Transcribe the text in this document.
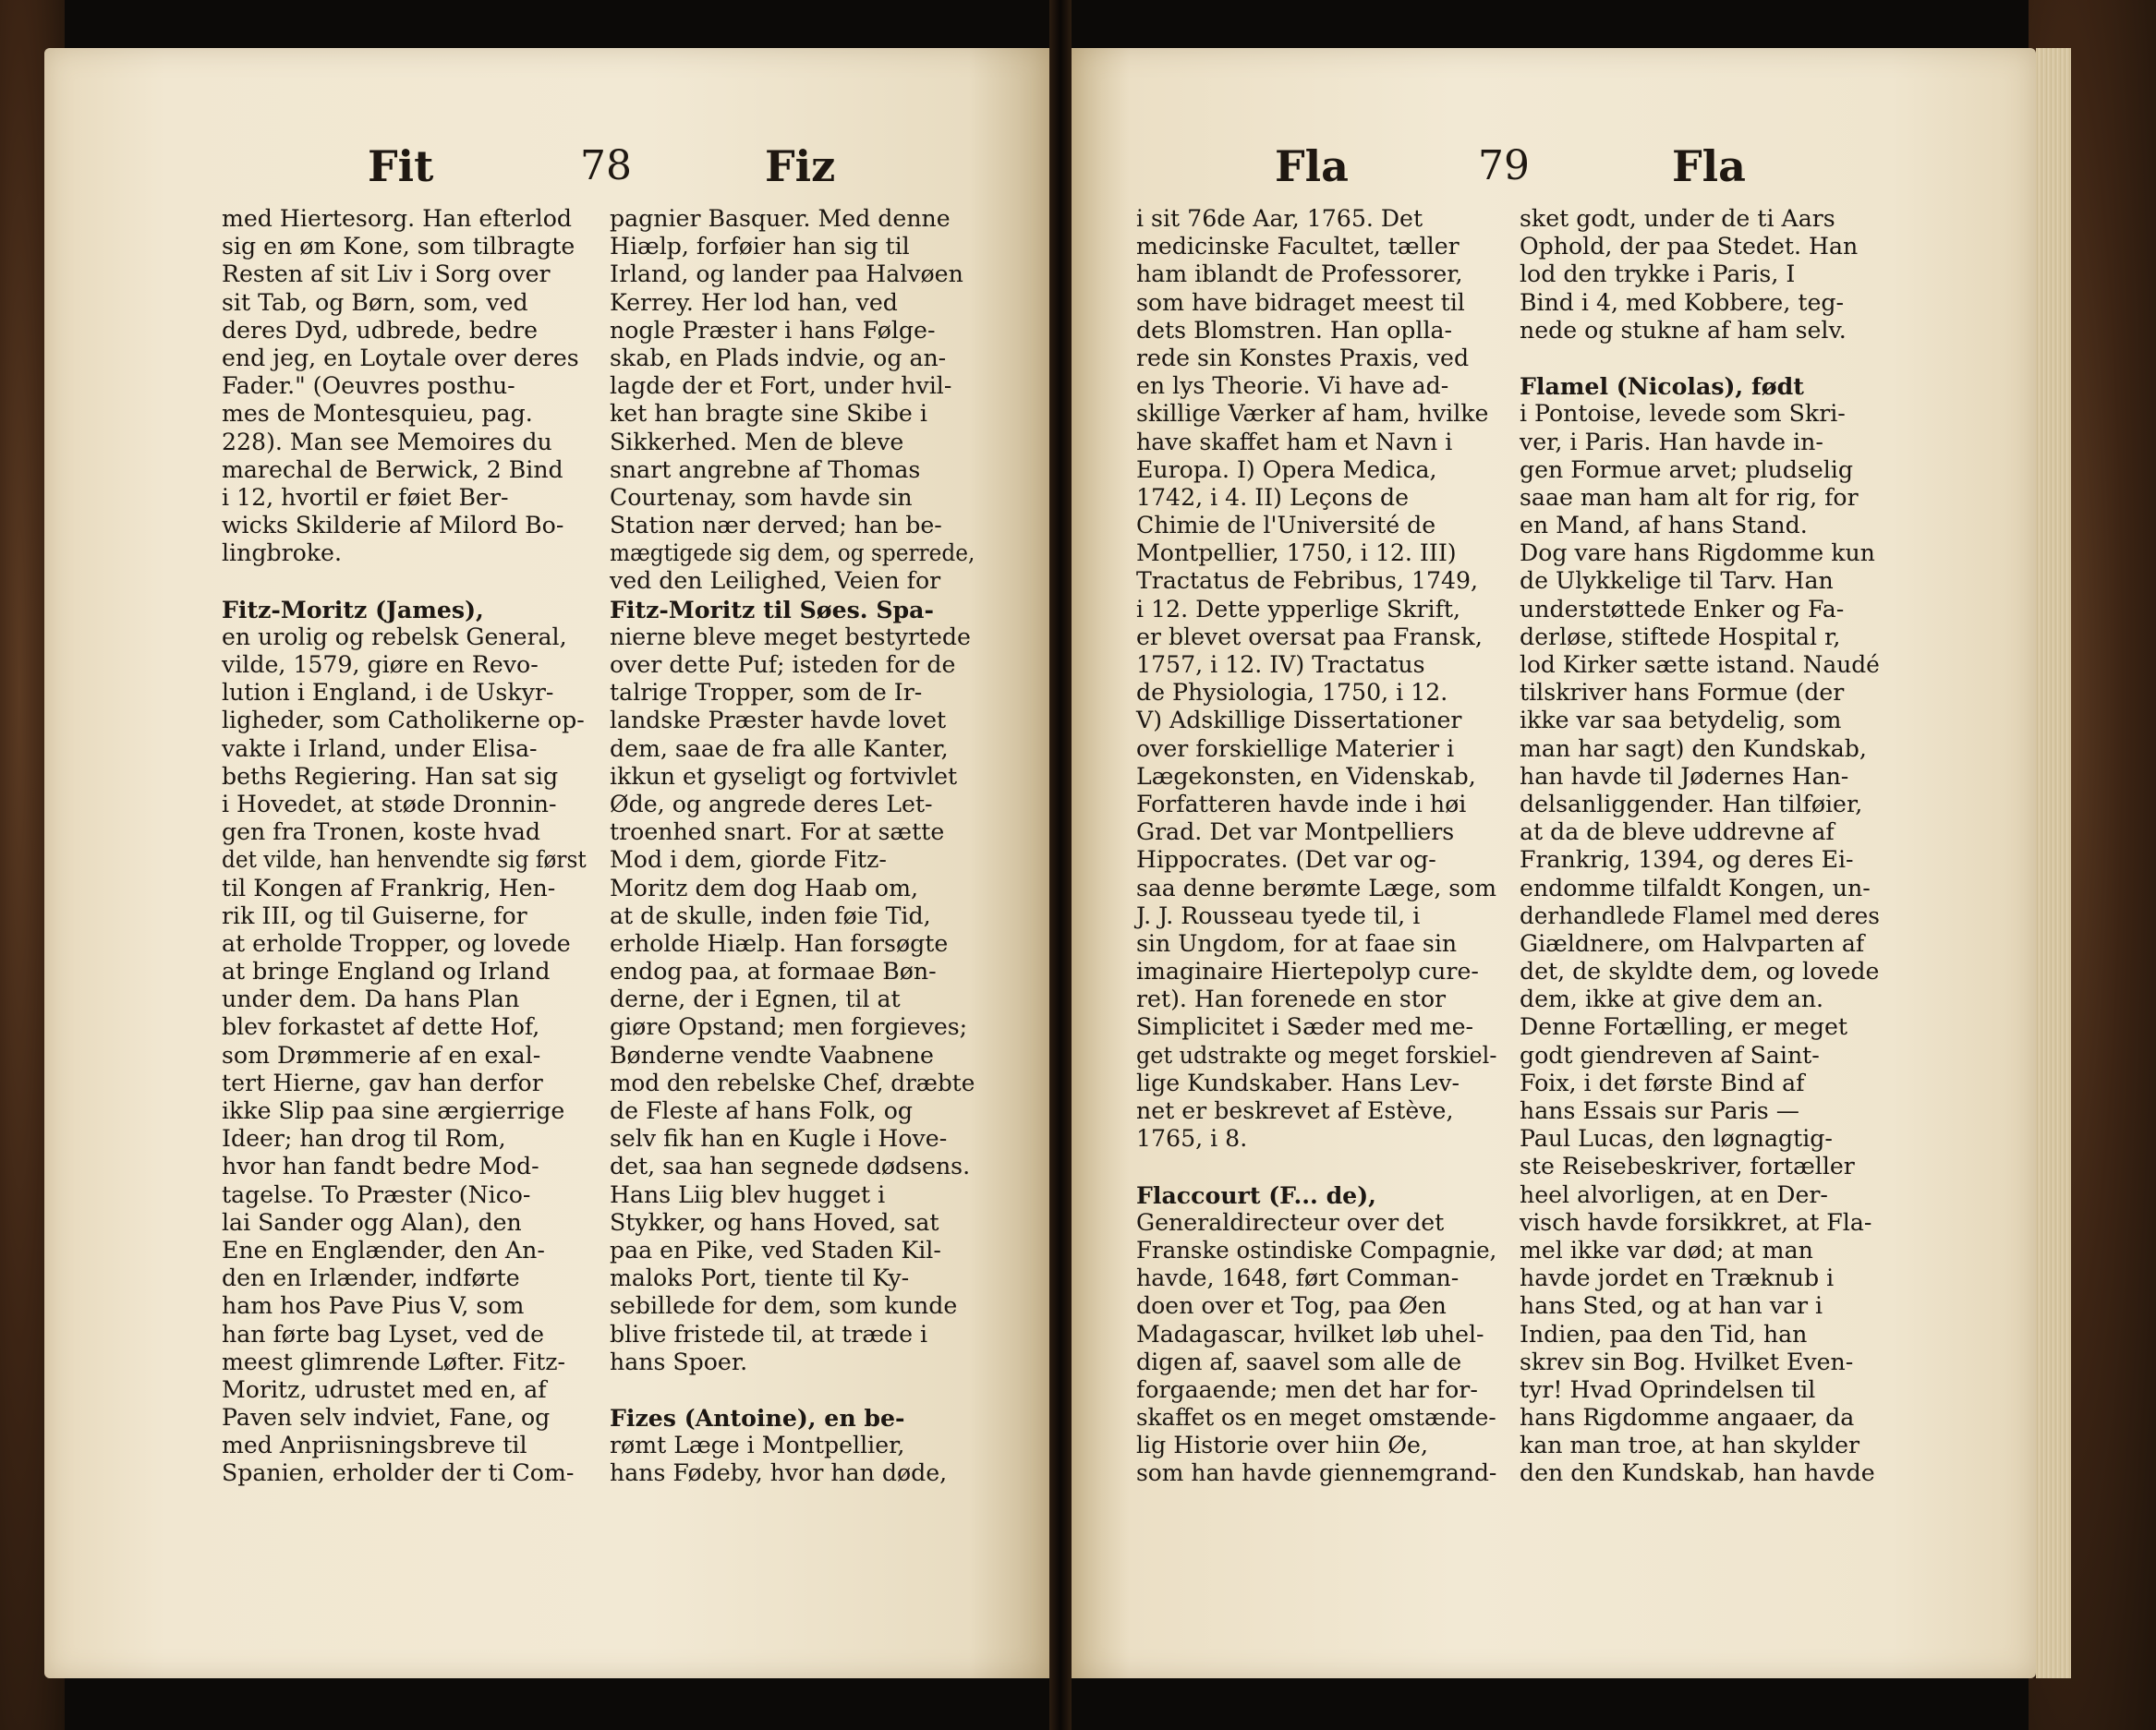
Fit	78	Fiz	Fla	79	Fla
med Hiertesorg. Han efterlod
sig en øm Kone, som tilbragte
Resten af sit Liv i Sorg over
sit Tab, og Børn, som, ved
deres Dyd, udbrede, bedre
end jeg, en Loytale over deres
Fader." (Oeuvres posthu-
mes de Montesquieu, pag.
228). Man see Memoires du
marechal de Berwick, 2 Bind
i 12, hvortil er føiet Ber-
wicks Skilderie af Milord Bo-
lingbroke.
Fitz-Moritz (James),
en urolig og rebelsk General,
vilde, 1579, giøre en Revo-
lution i England, i de Uskyr-
ligheder, som Catholikerne op-
vakte i Irland, under Elisa-
beths Regiering. Han sat sig
i Hovedet, at støde Dronnin-
gen fra Tronen, koste hvad
det vilde, han henvendte sig først
til Kongen af Frankrig, Hen-
rik III, og til Guiserne, for
at erholde Tropper, og lovede
at bringe England og Irland
under dem. Da hans Plan
blev forkastet af dette Hof,
som Drømmerie af en exal-
tert Hierne, gav han derfor
ikke Slip paa sine ærgierrige
Ideer; han drog til Rom,
hvor han fandt bedre Mod-
tagelse. To Præster (Nico-
lai Sander ogg Alan), den
Ene en Englænder, den An-
den en Irlænder, indførte
ham hos Pave Pius V, som
han førte bag Lyset, ved de
meest glimrende Løfter. Fitz-
Moritz, udrustet med en, af
Paven selv indviet, Fane, og
med Anpriisningsbreve til
Spanien, erholder der ti Com-
pagnier Basquer. Med denne
Hiælp, forføier han sig til
Irland, og lander paa Halvøen
Kerrey. Her lod han, ved
nogle Præster i hans Følge-
skab, en Plads indvie, og an-
lagde der et Fort, under hvil-
ket han bragte sine Skibe i
Sikkerhed. Men de bleve
snart angrebne af Thomas
Courtenay, som havde sin
Station nær derved; han be-
mægtigede sig dem, og sperrede,
ved den Leilighed, Veien for
Fitz-Moritz til Søes. Spa-
nierne bleve meget bestyrtede
over dette Puf; isteden for de
talrige Tropper, som de Ir-
landske Præster havde lovet
dem, saae de fra alle Kanter,
ikkun et gyseligt og fortvivlet
Øde, og angrede deres Let-
troenhed snart. For at sætte
Mod i dem, giorde Fitz-
Moritz dem dog Haab om,
at de skulle, inden føie Tid,
erholde Hiælp. Han forsøgte
endog paa, at formaae Bøn-
derne, der i Egnen, til at
giøre Opstand; men forgieves;
Bønderne vendte Vaabnene
mod den rebelske Chef, dræbte
de Fleste af hans Folk, og
selv fik han en Kugle i Hove-
det, saa han segnede dødsens.
Hans Liig blev hugget i
Stykker, og hans Hoved, sat
paa en Pike, ved Staden Kil-
maloks Port, tiente til Ky-
sebillede for dem, som kunde
blive fristede til, at træde i
hans Spoer.
Fizes (Antoine), en be-
rømt Læge i Montpellier,
hans Fødeby, hvor han døde,
i sit 76de Aar, 1765. Det
medicinske Facultet, tæller
ham iblandt de Professorer,
som have bidraget meest til
dets Blomstren. Han oplla-
rede sin Konstes Praxis, ved
en lys Theorie. Vi have ad-
skillige Værker af ham, hvilke
have skaffet ham et Navn i
Europa. I) Opera Medica,
1742, i 4. II) Leçons de
Chimie de l'Université de
Montpellier, 1750, i 12. III)
Tractatus de Febribus, 1749,
i 12. Dette ypperlige Skrift,
er blevet oversat paa Fransk,
1757, i 12. IV) Tractatus
de Physiologia, 1750, i 12.
V) Adskillige Dissertationer
over forskiellige Materier i
Lægekonsten, en Videnskab,
Forfatteren havde inde i høi
Grad. Det var Montpelliers
Hippocrates. (Det var og-
saa denne berømte Læge, som
J. J. Rousseau tyede til, i
sin Ungdom, for at faae sin
imaginaire Hiertepolyp cure-
ret). Han forenede en stor
Simplicitet i Sæder med me-
get udstrakte og meget forskiel-
lige Kundskaber. Hans Lev-
net er beskrevet af Estève,
1765, i 8.
Flaccourt (F... de),
Generaldirecteur over det
Franske ostindiske Compagnie,
havde, 1648, ført Comman-
doen over et Tog, paa Øen
Madagascar, hvilket løb uhel-
digen af, saavel som alle de
forgaaende; men det har for-
skaffet os en meget omstænde-
lig Historie over hiin Øe,
som han havde giennemgrand-
sket godt, under de ti Aars
Ophold, der paa Stedet. Han
lod den trykke i Paris, I
Bind i 4, med Kobbere, teg-
nede og stukne af ham selv.
Flamel (Nicolas), født
i Pontoise, levede som Skri-
ver, i Paris. Han havde in-
gen Formue arvet; pludselig
saae man ham alt for rig, for
en Mand, af hans Stand.
Dog vare hans Rigdomme kun
de Ulykkelige til Tarv. Han
understøttede Enker og Fa-
derløse, stiftede Hospital r,
lod Kirker sætte istand. Naudé
tilskriver hans Formue (der
ikke var saa betydelig, som
man har sagt) den Kundskab,
han havde til Jødernes Han-
delsanliggender. Han tilføier,
at da de bleve uddrevne af
Frankrig, 1394, og deres Ei-
endomme tilfaldt Kongen, un-
derhandlede Flamel med deres
Giældnere, om Halvparten af
det, de skyldte dem, og lovede
dem, ikke at give dem an.
Denne Fortælling, er meget
godt giendreven af Saint-
Foix, i det første Bind af
hans Essais sur Paris —
Paul Lucas, den løgnagtig-
ste Reisebeskriver, fortæller
heel alvorligen, at en Der-
visch havde forsikkret, at Fla-
mel ikke var død; at man
havde jordet en Træknub i
hans Sted, og at han var i
Indien, paa den Tid, han
skrev sin Bog. Hvilket Even-
tyr! Hvad Oprindelsen til
hans Rigdomme angaaer, da
kan man troe, at han skylder
den den Kundskab, han havde
